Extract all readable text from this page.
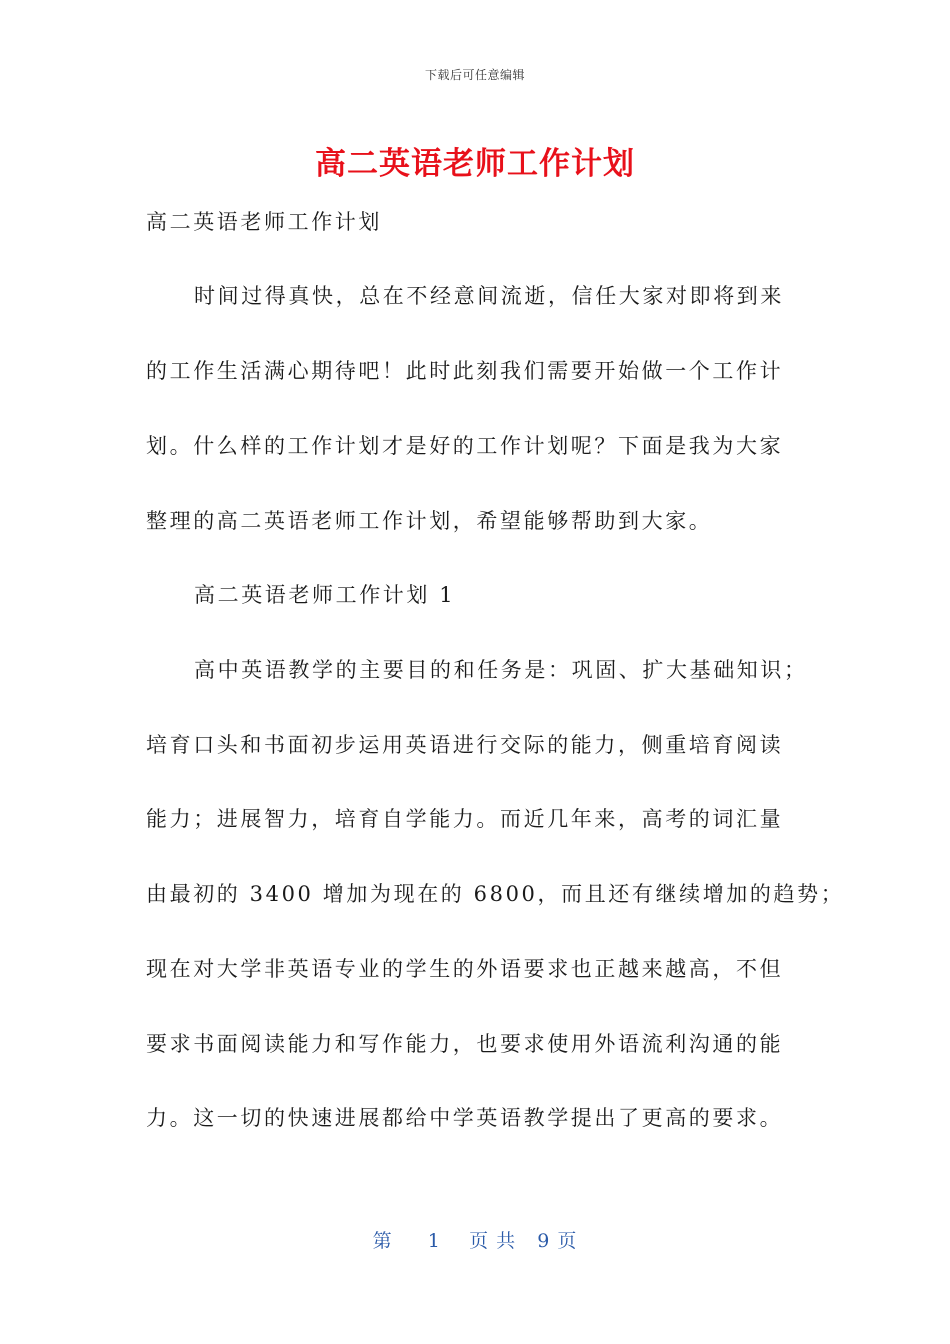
下载后可任意编辑
高二英语老师工作计划
高二英语老师工作计划
时间过得真快，总在不经意间流逝，信任大家对即将到来
的工作生活满心期待吧！此时此刻我们需要开始做一个工作计
划。什么样的工作计划才是好的工作计划呢？下面是我为大家
整理的高二英语老师工作计划，希望能够帮助到大家。
高二英语老师工作计划 1
高中英语教学的主要目的和任务是：巩固、扩大基础知识；
培育口头和书面初步运用英语进行交际的能力，侧重培育阅读
能力；进展智力，培育自学能力。而近几年来，高考的词汇量
由最初的 3400 增加为现在的 6800，而且还有继续增加的趋势；
现在对大学非英语专业的学生的外语要求也正越来越高，不但
要求书面阅读能力和写作能力，也要求使用外语流利沟通的能
力。这一切的快速进展都给中学英语教学提出了更高的要求。
第 1 页 共 9 页
